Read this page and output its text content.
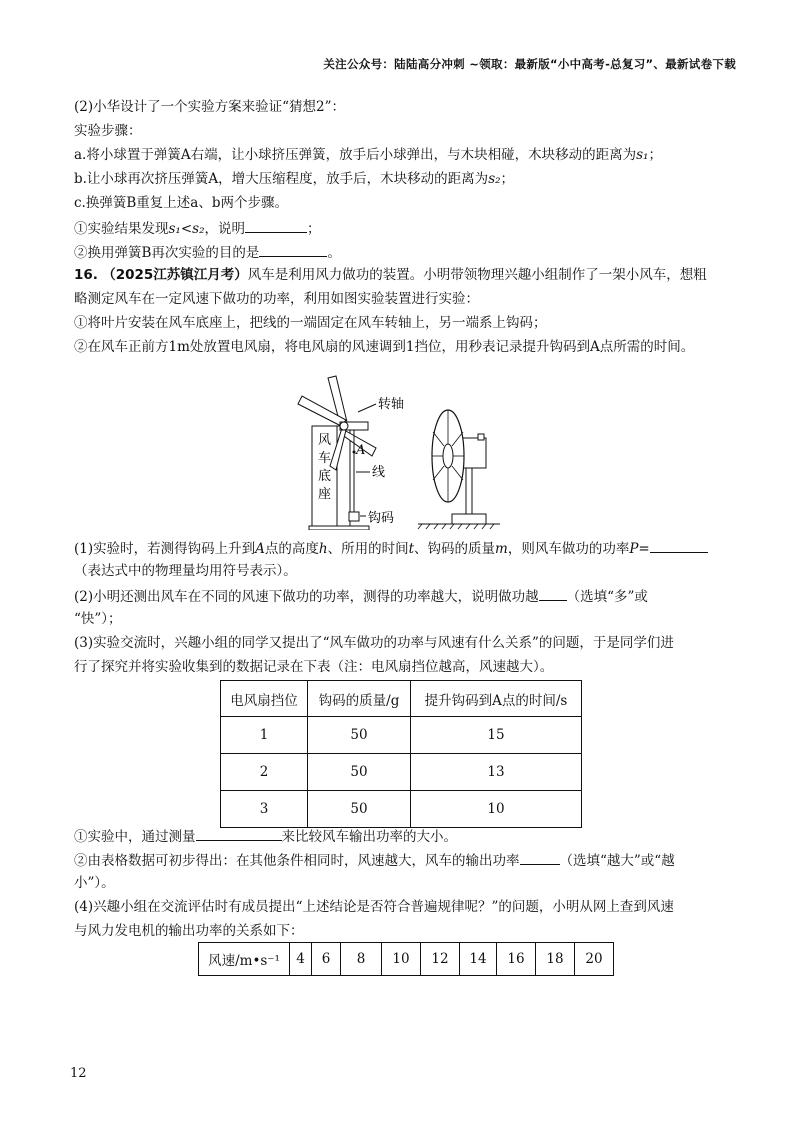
关注公众号：陆陆高分冲刺 ~领取：最新版“小中高考-总复习”、最新试卷下载
(2)小华设计了一个实验方案来验证“猜想2”：
实验步骤：
a.将小球置于弹簧A右端，让小球挤压弹簧，放手后小球弹出，与木块相碰，木块移动的距离为s₁；
b.让小球再次挤压弹簧A，增大压缩程度，放手后，木块移动的距离为s₂；
c.换弹簧B重复上述a、b两个步骤。
①实验结果发现s₁<s₂，说明	；
②换用弹簧B再次实验的目的是	。
16. （2025江苏镇江月考）风车是利用风力做功的装置。小明带领物理兴趣小组制作了一架小风车，想粗
略测定风车在一定风速下做功的功率，利用如图实验装置进行实验：
①将叶片安装在风车底座上，把线的一端固定在风车转轴上，另一端系上钩码；
②在风车正前方1m处放置电风扇，将电风扇的风速调到1挡位，用秒表记录提升钩码到A点所需的时间。
转轴
A
线
钩码
风
车
底
座
(1)实验时，若测得钩码上升到A点的高度h、所用的时间t、钩码的质量m，则风车做功的功率P=
（表达式中的物理量均用符号表示）。
(2)小明还测出风车在不同的风速下做功的功率，测得的功率越大，说明做功越 （选填“多”或
“快”）；
(3)实验交流时，兴趣小组的同学又提出了“风车做功的功率与风速有什么关系”的问题，于是同学们进
行了探究并将实验收集到的数据记录在下表（注：电风扇挡位越高，风速越大）。
电风扇挡位	钩码的质量/g	提升钩码到A点的时间/s
1	50	15
2	50	13
3	50	10
①实验中，通过测量	来比较风车输出功率的大小。
②由表格数据可初步得出：在其他条件相同时，风速越大，风车的输出功率	（选填“越大”或“越
小”）。
(4)兴趣小组在交流评估时有成员提出“上述结论是否符合普遍规律呢？”的问题，小明从网上查到风速
与风力发电机的输出功率的关系如下：
风速/m•s⁻¹	4	6	8	10	12	14	16	18	20
12
